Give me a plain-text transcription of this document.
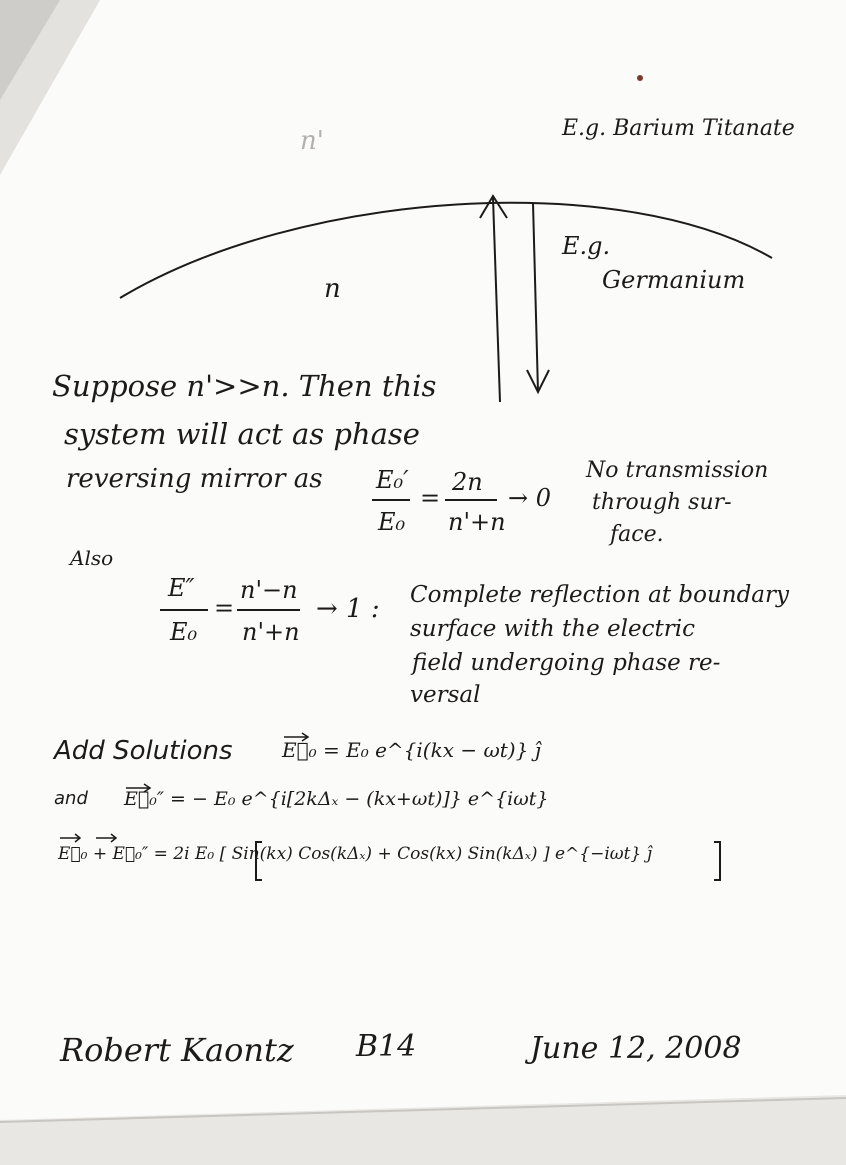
E.g. Barium Titanate
n'
n
E.g.
Germanium
Suppose n'>>n. Then this
system will act as phase
reversing mirror as E₀′
E₀
=
2n
n'+n
→ 0
No transmission
through sur-
face.
Also
E″
E₀
=
n'−n
n'+n
→ 1 : Complete reflection at boundary
surface with the electric
field undergoing phase re-
versal
Add Solutions E⃗₀ = E₀ e^{i(kx − ωt)} ĵ
and E⃗₀″ = − E₀ e^{i[2kΔₓ − (kx+ωt)]} e^{iωt}
E⃗₀ + E⃗₀″ = 2i E₀ [ Sin(kx) Cos(kΔₓ) + Cos(kx) Sin(kΔₓ) ] e^{−iωt} ĵ
Robert Kaontz B14	June 12, 2008
